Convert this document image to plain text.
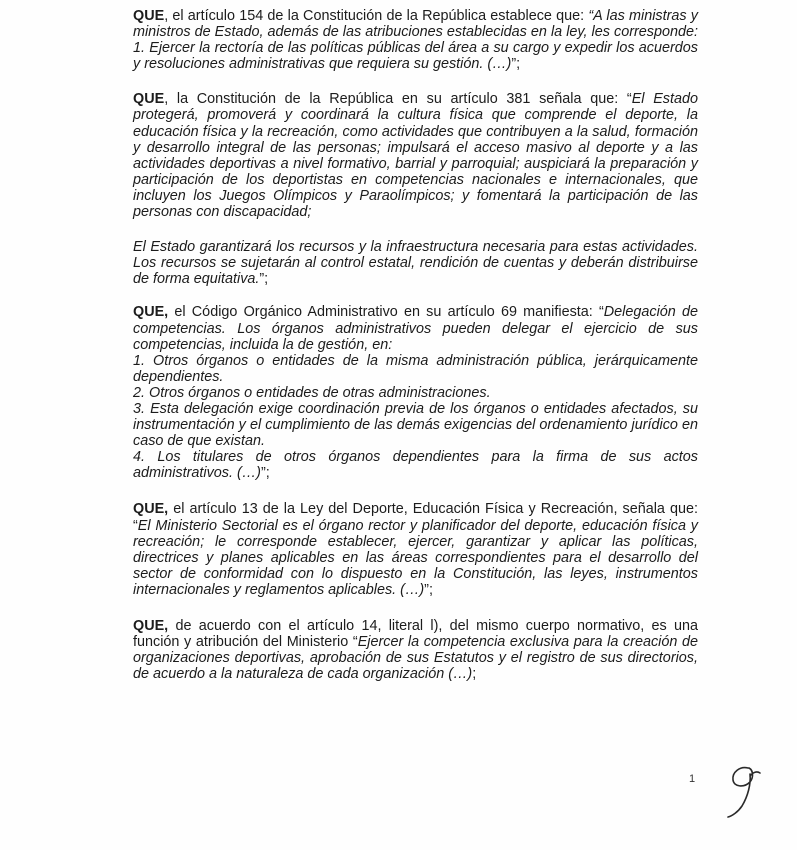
QUE, el artículo 154 de la Constitución de la República establece que: “A las ministras y ministros de Estado, además de las atribuciones establecidas en la ley, les corresponde: 1. Ejercer la rectoría de las políticas públicas del área a su cargo y expedir los acuerdos y resoluciones administrativas que requiera su gestión. (…)”;

QUE, la Constitución de la República en su artículo 381 señala que: “El Estado protegerá, promoverá y coordinará la cultura física que comprende el deporte, la educación física y la recreación, como actividades que contribuyen a la salud, formación y desarrollo integral de las personas; impulsará el acceso masivo al deporte y a las actividades deportivas a nivel formativo, barrial y parroquial; auspiciará la preparación y participación de los deportistas en competencias nacionales e internacionales, que incluyen los Juegos Olímpicos y Paraolímpicos; y fomentará la participación de las personas con discapacidad;

El Estado garantizará los recursos y la infraestructura necesaria para estas actividades. Los recursos se sujetarán al control estatal, rendición de cuentas y deberán distribuirse de forma equitativa.”;

QUE, el Código Orgánico Administrativo en su artículo 69 manifiesta: “Delegación de competencias. Los órganos administrativos pueden delegar el ejercicio de sus competencias, incluida la de gestión, en:
1. Otros órganos o entidades de la misma administración pública, jerárquicamente dependientes.
2. Otros órganos o entidades de otras administraciones.
3. Esta delegación exige coordinación previa de los órganos o entidades afectados, su instrumentación y el cumplimiento de las demás exigencias del ordenamiento jurídico en caso de que existan.
4. Los titulares de otros órganos dependientes para la firma de sus actos administrativos. (…)”;

QUE, el artículo 13 de la Ley del Deporte, Educación Física y Recreación, señala que: “El Ministerio Sectorial es el órgano rector y planificador del deporte, educación física y recreación; le corresponde establecer, ejercer, garantizar y aplicar las políticas, directrices y planes aplicables en las áreas correspondientes para el desarrollo del sector de conformidad con lo dispuesto en la Constitución, las leyes, instrumentos internacionales y reglamentos aplicables. (…)”;

QUE, de acuerdo con el artículo 14, literal l), del mismo cuerpo normativo, es una función y atribución del Ministerio “Ejercer la competencia exclusiva para la creación de organizaciones deportivas, aprobación de sus Estatutos y el registro de sus directorios, de acuerdo a la naturaleza de cada organización (…);

1
